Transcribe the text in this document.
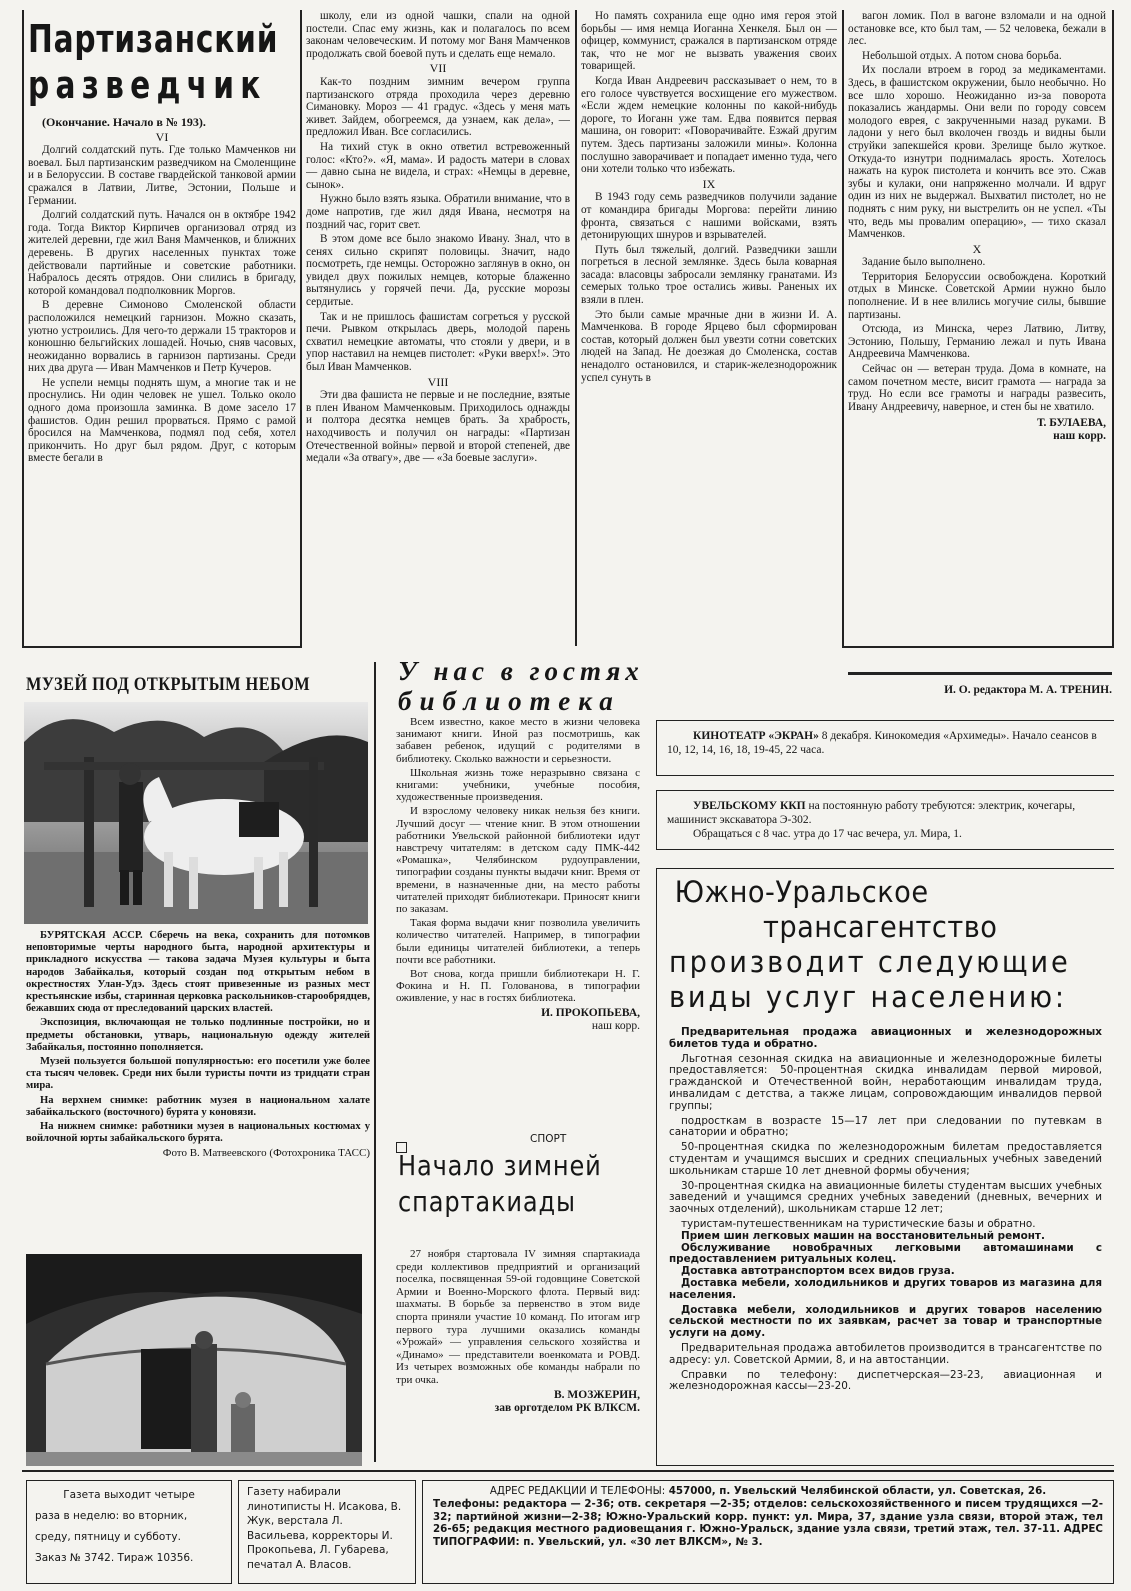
Партизанский
разведчик
(Окончание. Начало в № 193).
VI

Долгий солдатский путь. Где только Мамченков ни воевал. Был партизанским разведчиком на Смоленщине и в Белоруссии. В составе гвардейской танковой армии сражался в Латвии, Литве, Эстонии, Польше и Германии.

Долгий солдатский путь. Начался он в октябре 1942 года. Тогда Виктор Кирпичев организовал отряд из жителей деревни, где жил Ваня Мамченков, и ближних деревень. В других населенных пунктах тоже действовали партийные и советские работники. Набралось десять отрядов. Они слились в бригаду, которой командовал подполковник Моргов.

В деревне Симоново Смоленской области расположился немецкий гарнизон. Можно сказать, уютно устроились. Для чего-то держали 15 тракторов и конюшню бельгийских лошадей. Ночью, сняв часовых, неожиданно ворвались в гарнизон партизаны. Среди них два друга — Иван Мамченков и Петр Кучеров.

Не успели немцы поднять шум, а многие так и не проснулись. Ни один человек не ушел. Только около одного дома произошла заминка. В доме засело 17 фашистов. Один решил прорваться. Прямо с рамой бросился на Мамченкова, подмял под себя, хотел прикончить. Но друг был рядом. Друг, с которым вместе бегали в

школу, ели из одной чашки, спали на одной постели. Спас ему жизнь, как и полагалось по всем законам человеческим. И потому мог Ваня Мамченков продолжать свой боевой путь и сделать еще немало.

VII

Как-то поздним зимним вечером группа партизанского отряда проходила через деревню Симановку. Мороз — 41 градус. «Здесь у меня мать живет. Зайдем, обогреемся, да узнаем, как дела», — предложил Иван. Все согласились.

На тихий стук в окно ответил встревоженный голос: «Кто?». «Я, мама». И радость матери в словах — давно сына не видела, и страх: «Немцы в деревне, сынок».

Нужно было взять языка. Обратили внимание, что в доме напротив, где жил дядя Ивана, несмотря на поздний час, горит свет.

В этом доме все было знакомо Ивану. Знал, что в сенях сильно скрипят половицы. Значит, надо посмотреть, где немцы. Осторожно заглянув в окно, он увидел двух пожилых немцев, которые блаженно вытянулись у горячей печи. Да, русские морозы сердитые.

Так и не пришлось фашистам согреться у русской печи. Рывком открылась дверь, молодой парень схватил немецкие автоматы, что стояли у двери, и в упор наставил на немцев пистолет: «Руки вверх!». Это был Иван Мамченков.

VIII

Эти два фашиста не первые и не последние, взятые в плен Иваном Мамченковым. Приходилось однажды и полтора десятка немцев брать. За храбрость, находчивость и получил он награды: «Партизан Отечественной войны» первой и второй степеней, две медали «За отвагу», две — «За боевые заслуги».

Но память сохранила еще одно имя героя этой борьбы — имя немца Иоганна Хенкеля. Был он — офицер, коммунист, сражался в партизанском отряде так, что не мог не вызвать уважения своих товарищей.

Когда Иван Андреевич рассказывает о нем, то в его голосе чувствуется восхищение его мужеством. «Если ждем немецкие колонны по какой-нибудь дороге, то Иоганн уже там. Едва появится первая машина, он говорит: «Поворачивайте. Езжай другим путем. Здесь партизаны заложили мины». Колонна послушно заворачивает и попадает именно туда, чего они хотели только что избежать.

IX

В 1943 году семь разведчиков получили задание от командира бригады Моргова: перейти линию фронта, связаться с нашими войсками, взять детонирующих шнуров и взрывателей.

Путь был тяжелый, долгий. Разведчики зашли погреться в лесной землянке. Здесь была коварная засада: власовцы забросали землянку гранатами. Из семерых только трое остались живы. Раненых их взяли в плен.

Это были самые мрачные дни в жизни И. А. Мамченкова. В городе Ярцево был сформирован состав, который должен был увезти сотни советских людей на Запад. Не доезжая до Смоленска, состав ненадолго остановился, и старик-железнодорожник успел сунуть в

вагон ломик. Пол в вагоне взломали и на одной остановке все, кто был там, — 52 человека, бежали в лес.

Небольшой отдых. А потом снова борьба.

Их послали втроем в город за медикаментами. Здесь, в фашистском окружении, было необычно. Но все шло хорошо. Неожиданно из-за поворота показались жандармы. Они вели по городу совсем молодого еврея, с закрученными назад руками. В ладони у него был вколочен гвоздь и видны были струйки запекшейся крови. Зрелище было жуткое. Откуда-то изнутри поднималась ярость. Хотелось нажать на курок пистолета и кончить все это. Сжав зубы и кулаки, они напряженно молчали. И вдруг один из них не выдержал. Выхватил пистолет, но не поднять с ним руку, ни выстрелить он не успел. «Ты что, ведь мы провалим операцию», — тихо сказал Мамченков.

X

Задание было выполнено.

Территория Белоруссии освобождена. Короткий отдых в Минске. Советской Армии нужно было пополнение. И в нее влились могучие силы, бывшие партизаны.

Отсюда, из Минска, через Латвию, Литву, Эстонию, Польшу, Германию лежал и путь Ивана Андреевича Мамченкова.

Сейчас он — ветеран труда. Дома в комнате, на самом почетном месте, висит грамота — награда за труд. Но если все грамоты и награды развесить, Ивану Андреевичу, наверное, и стен бы не хватило.

Т. БУЛАЕВА,
наш корр.
И. О. редактора М. А. ТРЕНИН.
МУЗЕЙ ПОД ОТКРЫТЫМ НЕБОМ

БУРЯТСКАЯ АССР. Сберечь на века, сохранить для потомков неповторимые черты народного быта, народной архитектуры и прикладного искусства — такова задача Музея культуры и быта народов Забайкалья, который создан под открытым небом в окрестностях Улан-Удэ. Здесь стоят привезенные из разных мест крестьянские избы, старинная церковка раскольников-старообрядцев, бежавших сюда от преследований царских властей.

Экспозиция, включающая не только подлинные постройки, но и предметы обстановки, утварь, национальную одежду жителей Забайкалья, постоянно пополняется.

Музей пользуется большой популярностью: его посетили уже более ста тысяч человек. Среди них были туристы почти из тридцати стран мира.

На верхнем снимке: работник музея в национальном халате забайкальского (восточного) бурята у коновязи.

На нижнем снимке: работники музея в национальных костюмах у войлочной юрты забайкальского бурята.

Фото В. Матвеевского (Фотохроника ТАСС)

У нас в гостях
библиотека

Всем известно, какое место в жизни человека занимают книги. Иной раз посмотришь, как забавен ребенок, идущий с родителями в библиотеку. Сколько важности и серьезности.

Школьная жизнь тоже неразрывно связана с книгами: учебники, учебные пособия, художественные произведения.

И взрослому человеку никак нельзя без книги. Лучший досуг — чтение книг. В этом отношении работники Увельской районной библиотеки идут навстречу читателям: в детском саду ПМК-442 «Ромашка», Челябинском рудоуправлении, типографии созданы пункты выдачи книг. Время от времени, в назначенные дни, на место работы читателей приходят библиотекари. Приносят книги по заказам.

Такая форма выдачи книг позволила увеличить количество читателей. Например, в типографии были единицы читателей библиотеки, а теперь почти все работники.

Вот снова, когда пришли библиотекари Н. Г. Фокина и Н. П. Голованова, в типографии оживление, у нас в гостях библиотека.

И. ПРОКОПЬЕВА,
наш корр.
СПОРТ
Начало зимней
спартакиады

27 ноября стартовала IV зимняя спартакиада среди коллективов предприятий и организаций поселка, посвященная 59-ой годовщине Советской Армии и Военно-Морского флота. Первый вид: шахматы. В борьбе за первенство в этом виде спорта приняли участие 10 команд. По итогам игр первого тура лучшими оказались команды «Урожай» — управления сельского хозяйства и «Динамо» — представители военкомата и РОВД. Из четырех возможных обе команды набрали по три очка.

В. МОЗЖЕРИН,
зав орготделом РК ВЛКСМ.
КИНОТЕАТР «ЭКРАН» 8 декабря. Кинокомедия «Архимеды». Начало сеансов в 10, 12, 14, 16, 18, 19-45, 22 часа.
УВЕЛЬСКОМУ ККП на постоянную работу требуются: электрик, кочегары, машинист экскаватора Э-302.
Обращаться с 8 час. утра до 17 час вечера, ул. Мира, 1.
Южно-Уральское
трансагентство
производит следующие
виды услуг населению:

Предварительная продажа авиационных и железнодорожных билетов туда и обратно.

Льготная сезонная скидка на авиационные и железнодорожные билеты предоставляется: 50-процентная скидка инвалидам первой мировой, гражданской и Отечественной войн, неработающим инвалидам труда, инвалидам с детства, а также лицам, сопровождающим инвалидов первой группы;

подросткам в возрасте 15—17 лет при следовании по путевкам в санатории и обратно;

50-процентная скидка по железнодорожным билетам предоставляется студентам и учащимся высших и средних специальных учебных заведений школьникам старше 10 лет дневной формы обучения;

30-процентная скидка на авиационные билеты студентам высших учебных заведений и учащимся средних учебных заведений (дневных, вечерних и заочных отделений), школьникам старше 12 лет;

туристам-путешественникам на туристические базы и обратно.

Прием шин легковых машин на восстановительный ремонт.

Обслуживание новобрачных легковыми автомашинами с предоставлением ритуальных колец.

Доставка автотранспортом всех видов груза.

Доставка мебели, холодильников и других товаров из магазина для населения.

Доставка мебели, холодильников и других товаров населению сельской местности по их заявкам, расчет за товар и транспортные услуги на дому.

Предварительная продажа автобилетов производится в трансагентстве по адресу: ул. Советской Армии, 8, и на автостанции.

Справки по телефону: диспетчерская—23-23, авиационная и железнодорожная кассы—23-20.

Газета выходит четыре
раза в неделю: во вторник,
среду, пятницу и субботу.
Заказ № 3742. Тираж 10356.
Газету набирали линотиписты Н. Исакова, В. Жук, верстала Л. Васильева, корректоры И. Прокопьева, Л. Губарева, печатал А. Власов.
АДРЕС РЕДАКЦИИ И ТЕЛЕФОНЫ: 457000, п. Увельский Челябинской области, ул. Советская, 26.
Телефоны: редактора — 2-36; отв. секретаря —2-35; отделов: сельскохозяйственного и писем трудящихся —2-32; партийной жизни—2-38; Южно-Уральский корр. пункт: ул. Мира, 37, здание узла связи, второй этаж, тел 26-65; редакция местного радиовещания г. Южно-Уральск, здание узла связи, третий этаж, тел. 37-11. АДРЕС ТИПОГРАФИИ: п. Увельский, ул. «30 лет ВЛКСМ», № 3.
